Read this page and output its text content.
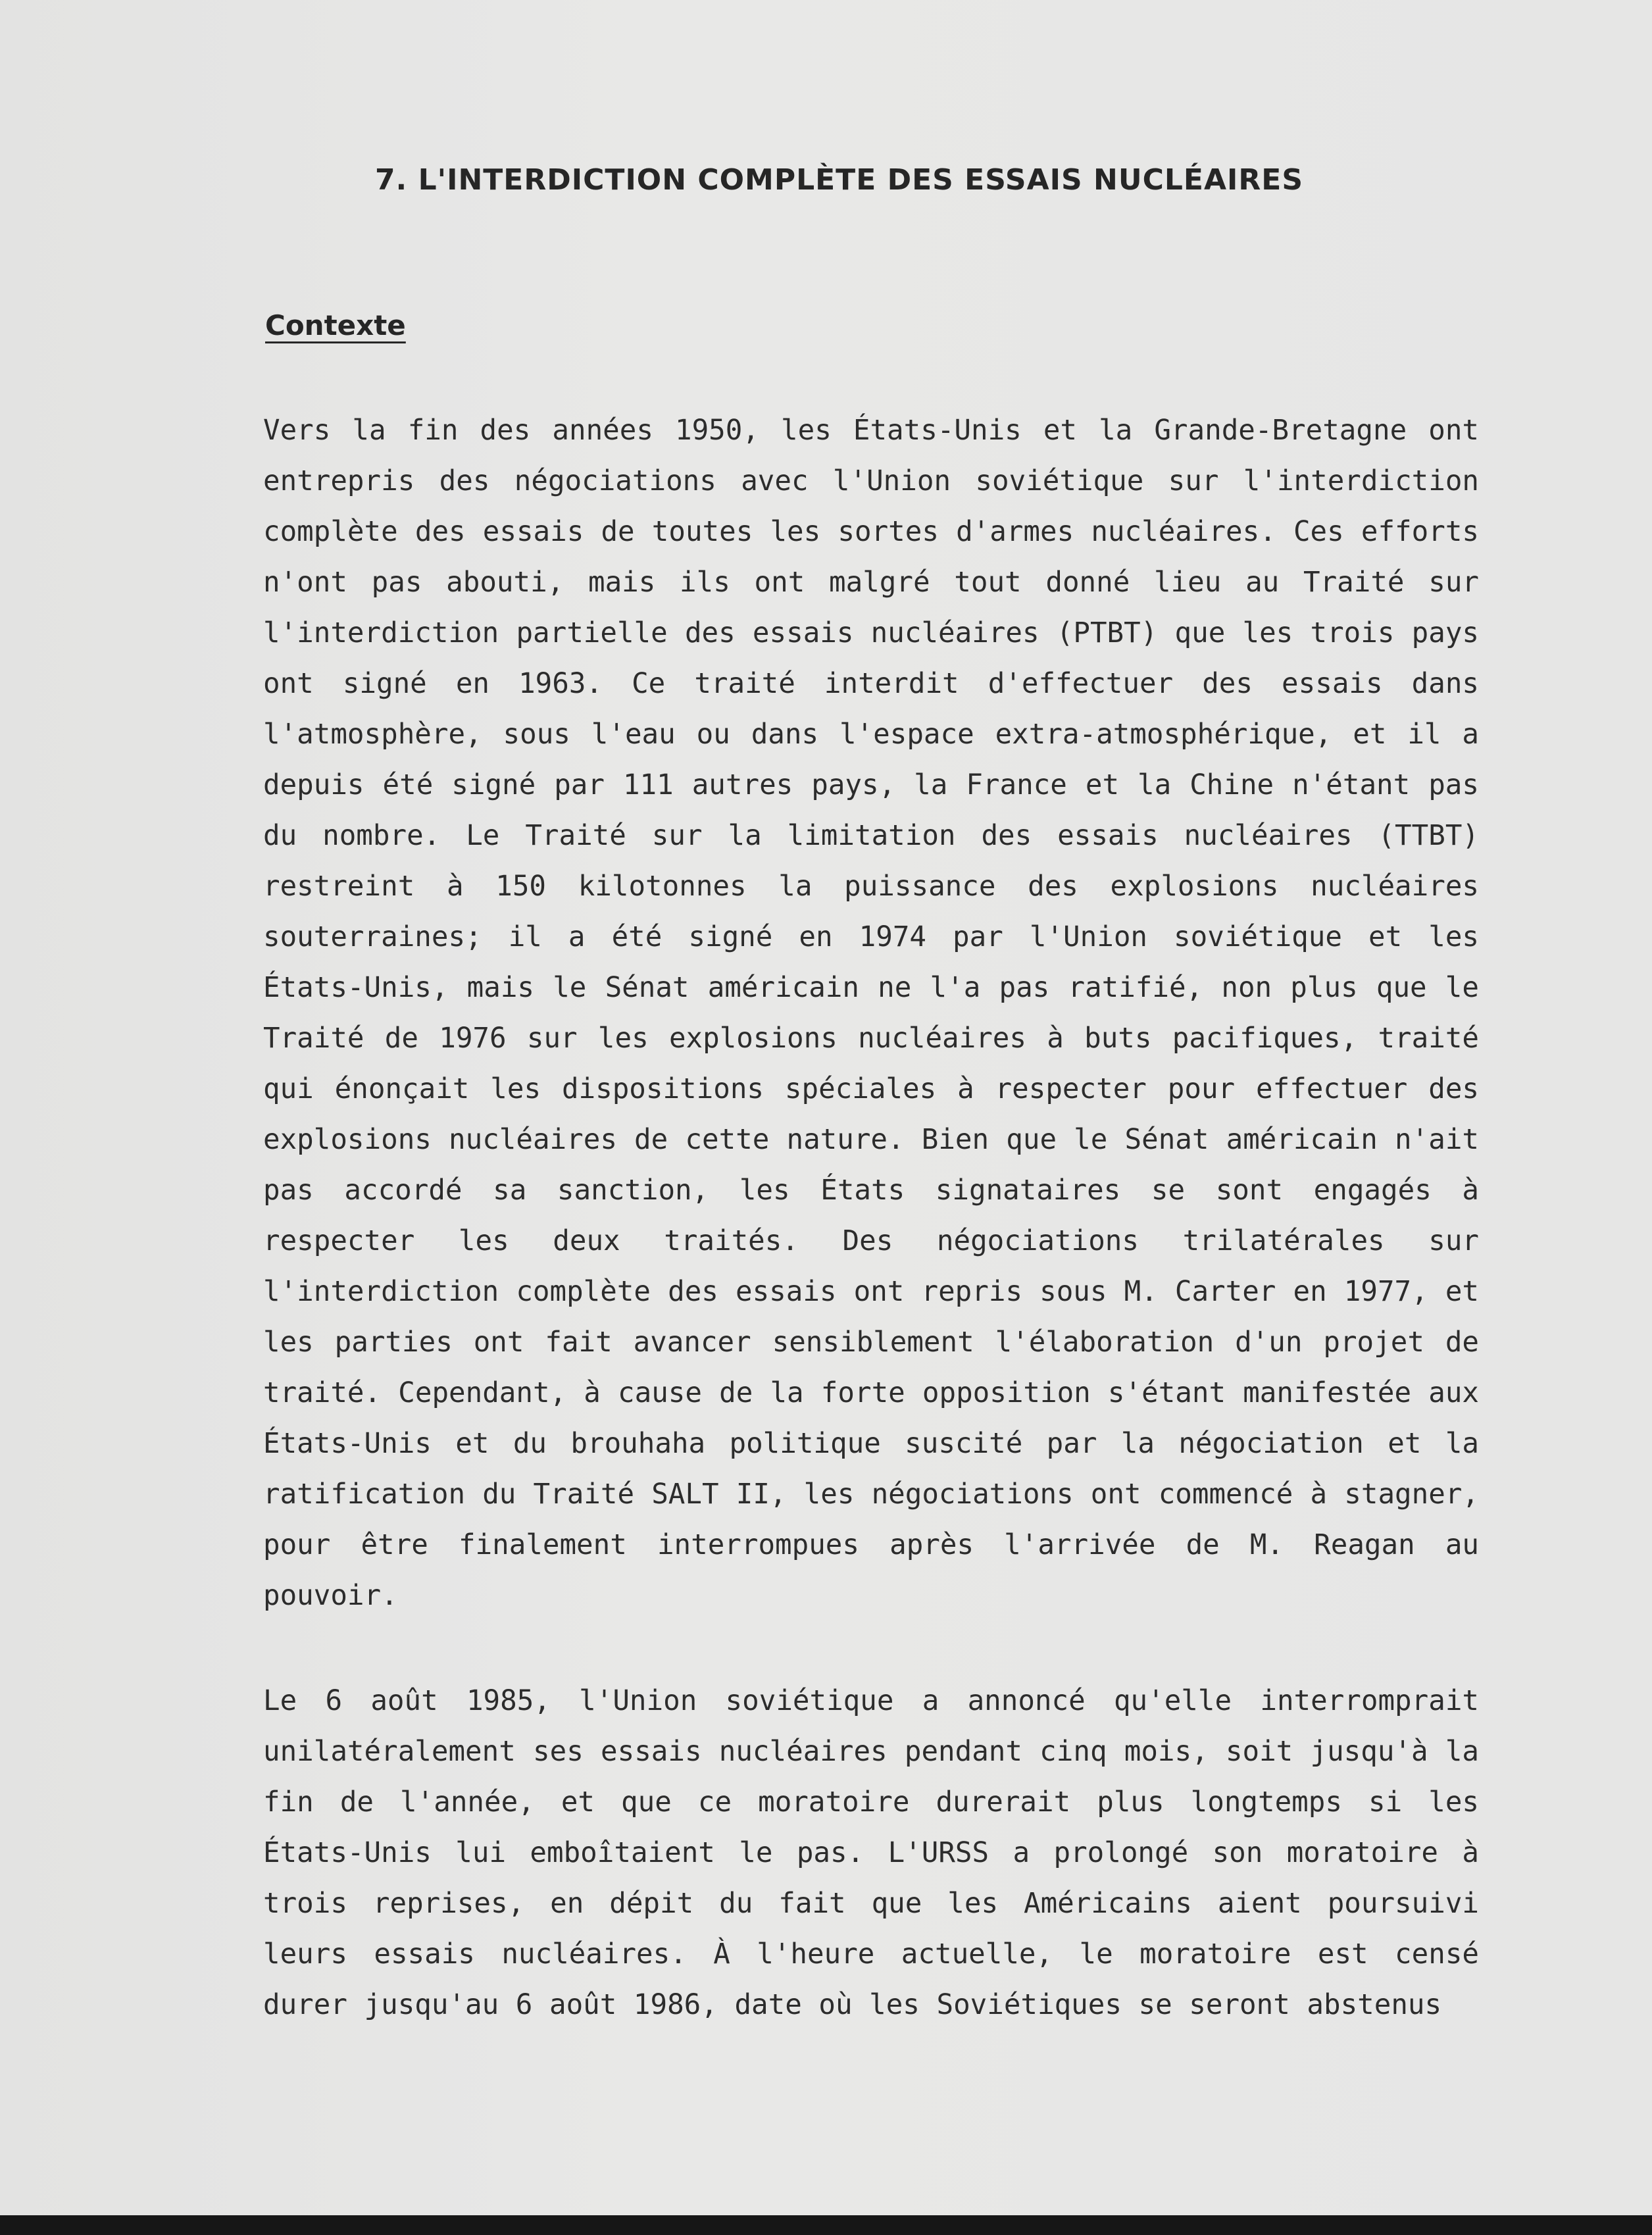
7. L'INTERDICTION COMPLÈTE DES ESSAIS NUCLÉAIRES
Contexte
Vers la fin des années 1950, les États-Unis et la Grande-Bretagne ont entrepris des négociations avec l'Union soviétique sur l'interdiction complète des essais de toutes les sortes d'armes nucléaires. Ces efforts n'ont pas abouti, mais ils ont malgré tout donné lieu au Traité sur l'interdiction partielle des essais nucléaires (PTBT) que les trois pays ont signé en 1963. Ce traité interdit d'effectuer des essais dans l'atmosphère, sous l'eau ou dans l'espace extra-atmosphérique, et il a depuis été signé par 111 autres pays, la France et la Chine n'étant pas du nombre. Le Traité sur la limitation des essais nucléaires (TTBT) restreint à 150 kilotonnes la puissance des explosions nucléaires souterraines; il a été signé en 1974 par l'Union soviétique et les États-Unis, mais le Sénat américain ne l'a pas ratifié, non plus que le Traité de 1976 sur les explosions nucléaires à buts pacifiques, traité qui énonçait les dispositions spéciales à respecter pour effectuer des explosions nucléaires de cette nature. Bien que le Sénat américain n'ait pas accordé sa sanction, les États signataires se sont engagés à respecter les deux traités. Des négociations trilatérales sur l'interdiction complète des essais ont repris sous M. Carter en 1977, et les parties ont fait avancer sensiblement l'élaboration d'un projet de traité. Cependant, à cause de la forte opposition s'étant manifestée aux États-Unis et du brouhaha politique suscité par la négociation et la ratification du Traité SALT II, les négociations ont commencé à stagner, pour être finalement interrompues après l'arrivée de M. Reagan au pouvoir.
Le 6 août 1985, l'Union soviétique a annoncé qu'elle interromprait unilatéralement ses essais nucléaires pendant cinq mois, soit jusqu'à la fin de l'année, et que ce moratoire durerait plus longtemps si les États-Unis lui emboîtaient le pas. L'URSS a prolongé son moratoire à trois reprises, en dépit du fait que les Américains aient poursuivi leurs essais nucléaires. À l'heure actuelle, le moratoire est censé durer jusqu'au 6 août 1986, date où les Soviétiques se seront abstenus
